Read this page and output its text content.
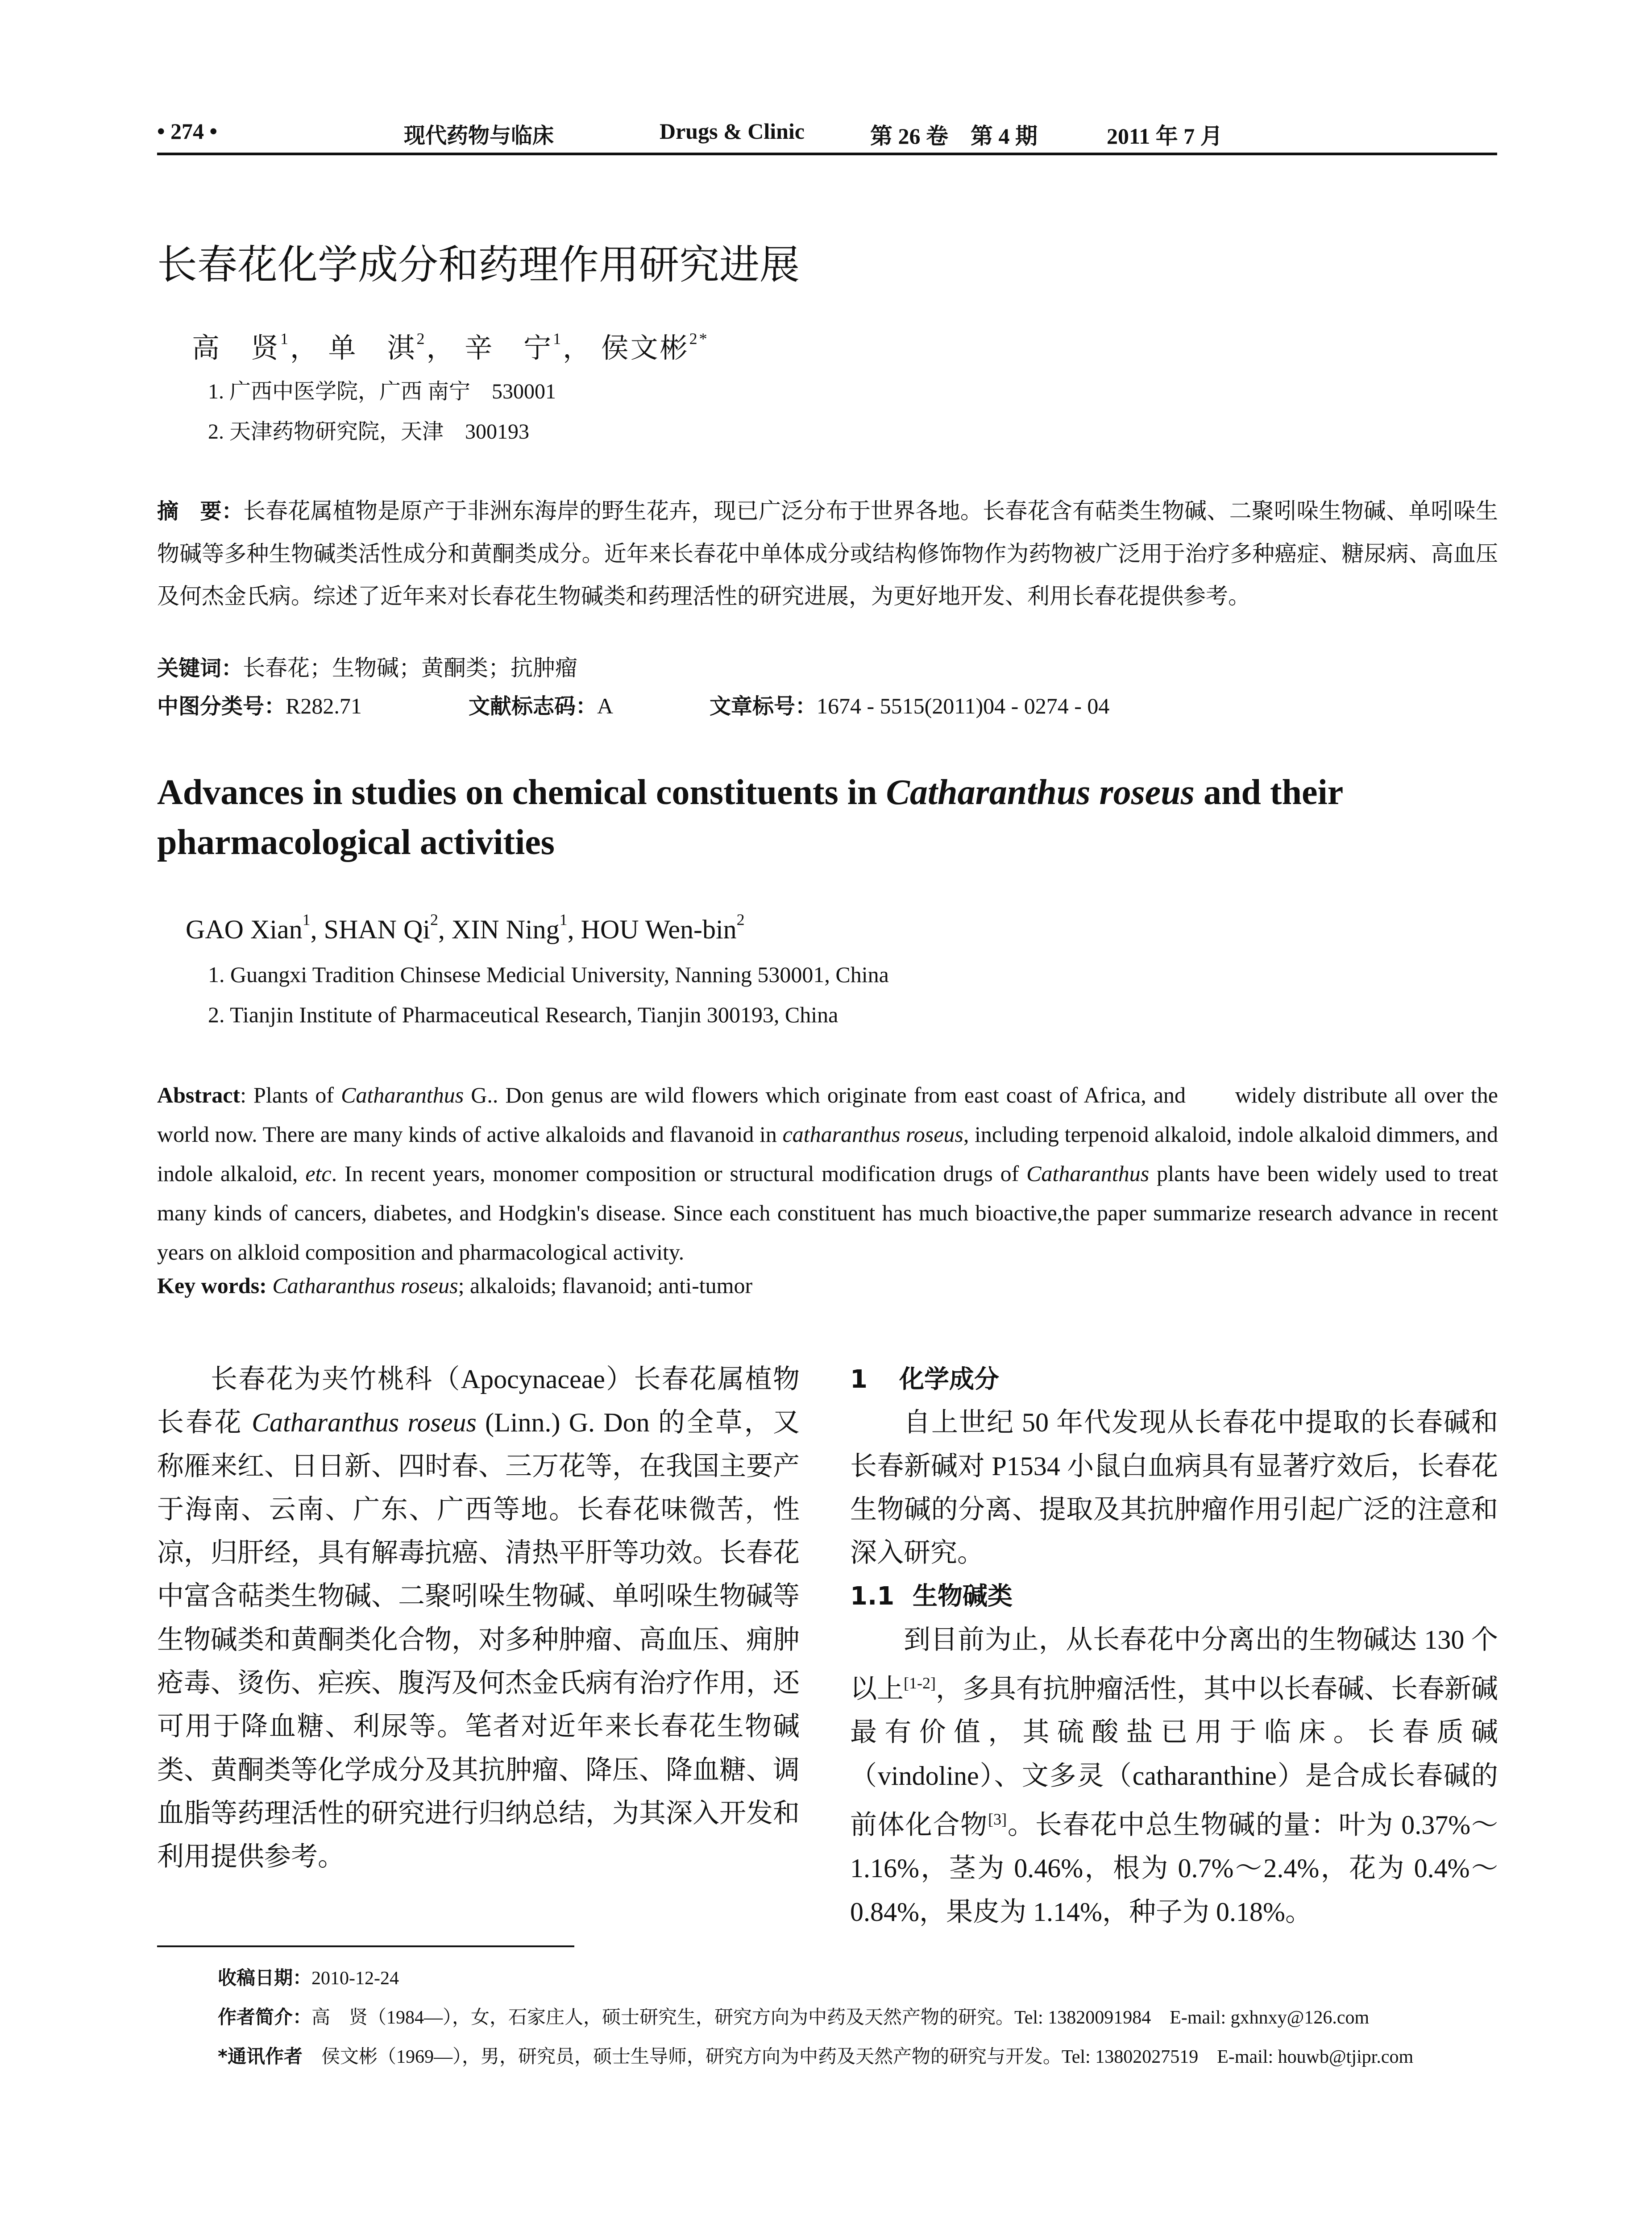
• 274 •	现代药物与临床	Drugs & Clinic	第 26 卷　第 4 期	2011 年 7 月
长春花化学成分和药理作用研究进展
高　贤$^1$， 单　淇$^2$， 辛　宁$^1$， 侯文彬$^{2*}$
1. 广西中医学院，广西 南宁　530001
2. 天津药物研究院，天津　300193
摘　要：长春花属植物是原产于非洲东海岸的野生花卉，现已广泛分布于世界各地。长春花含有萜类生物碱、二聚吲哚生物碱、单吲哚生物碱等多种生物碱类活性成分和黄酮类成分。近年来长春花中单体成分或结构修饰物作为药物被广泛用于治疗多种癌症、糖尿病、高血压及何杰金氏病。综述了近年来对长春花生物碱类和药理活性的研究进展，为更好地开发、利用长春花提供参考。
关键词：长春花；生物碱；黄酮类；抗肿瘤
中图分类号：R282.71	文献标志码：A	文章标号：1674 - 5515(2011)04 - 0274 - 04
Advances in studies on chemical constituents in Catharanthus roseus and their pharmacological activities
GAO Xian$^1$, SHAN Qi$^2$, XIN Ning$^1$, HOU Wen-bin$^2$
1. Guangxi Tradition Chinsese Medicial University, Nanning 530001, China
2. Tianjin Institute of Pharmaceutical Research, Tianjin 300193, China
Abstract: Plants of Catharanthus G.. Don genus are wild flowers which originate from east coast of Africa, and　　widely distribute all over the world now. There are many kinds of active alkaloids and flavanoid in catharanthus roseus, including terpenoid alkaloid, indole alkaloid dimmers, and indole alkaloid, etc. In recent years, monomer composition or structural modification drugs of Catharanthus plants have been widely used to treat many kinds of cancers, diabetes, and Hodgkin's disease. Since each constituent has much bioactive,the paper summarize research advance in recent years on alkloid composition and pharmacological activity.
Key words: Catharanthus roseus; alkaloids; flavanoid; anti-tumor
长春花为夹竹桃科（Apocynaceae）长春花属植物长春花 Catharanthus roseus (Linn.) G. Don 的全草，又称雁来红、日日新、四时春、三万花等，在我国主要产于海南、云南、广东、广西等地。长春花味微苦，性凉，归肝经，具有解毒抗癌、清热平肝等功效。长春花中富含萜类生物碱、二聚吲哚生物碱、单吲哚生物碱等生物碱类和黄酮类化合物，对多种肿瘤、高血压、痈肿疮毒、烫伤、疟疾、腹泻及何杰金氏病有治疗作用，还可用于降血糖、利尿等。笔者对近年来长春花生物碱类、黄酮类等化学成分及其抗肿瘤、降压、降血糖、调血脂等药理活性的研究进行归纳总结，为其深入开发和利用提供参考。
1 化学成分
自上世纪 50 年代发现从长春花中提取的长春碱和长春新碱对 P1534 小鼠白血病具有显著疗效后，长春花生物碱的分离、提取及其抗肿瘤作用引起广泛的注意和深入研究。
1.1 生物碱类
到目前为止，从长春花中分离出的生物碱达 130 个以上[1-2]，多具有抗肿瘤活性，其中以长春碱、长春新碱最有价值，其硫酸盐已用于临床。长春质碱（vindoline）、文多灵（catharanthine）是合成长春碱的前体化合物[3]。长春花中总生物碱的量：叶为 0.37%～1.16%，茎为 0.46%，根为 0.7%～2.4%，花为 0.4%～0.84%，果皮为 1.14%，种子为 0.18%。
收稿日期：2010-12-24
作者简介：高　贤（1984—），女，石家庄人，硕士研究生，研究方向为中药及天然产物的研究。Tel: 13820091984　E-mail: gxhnxy@126.com
*通讯作者　 侯文彬（1969—），男，研究员，硕士生导师，研究方向为中药及天然产物的研究与开发。Tel: 13802027519　E-mail: houwb@tjipr.com
